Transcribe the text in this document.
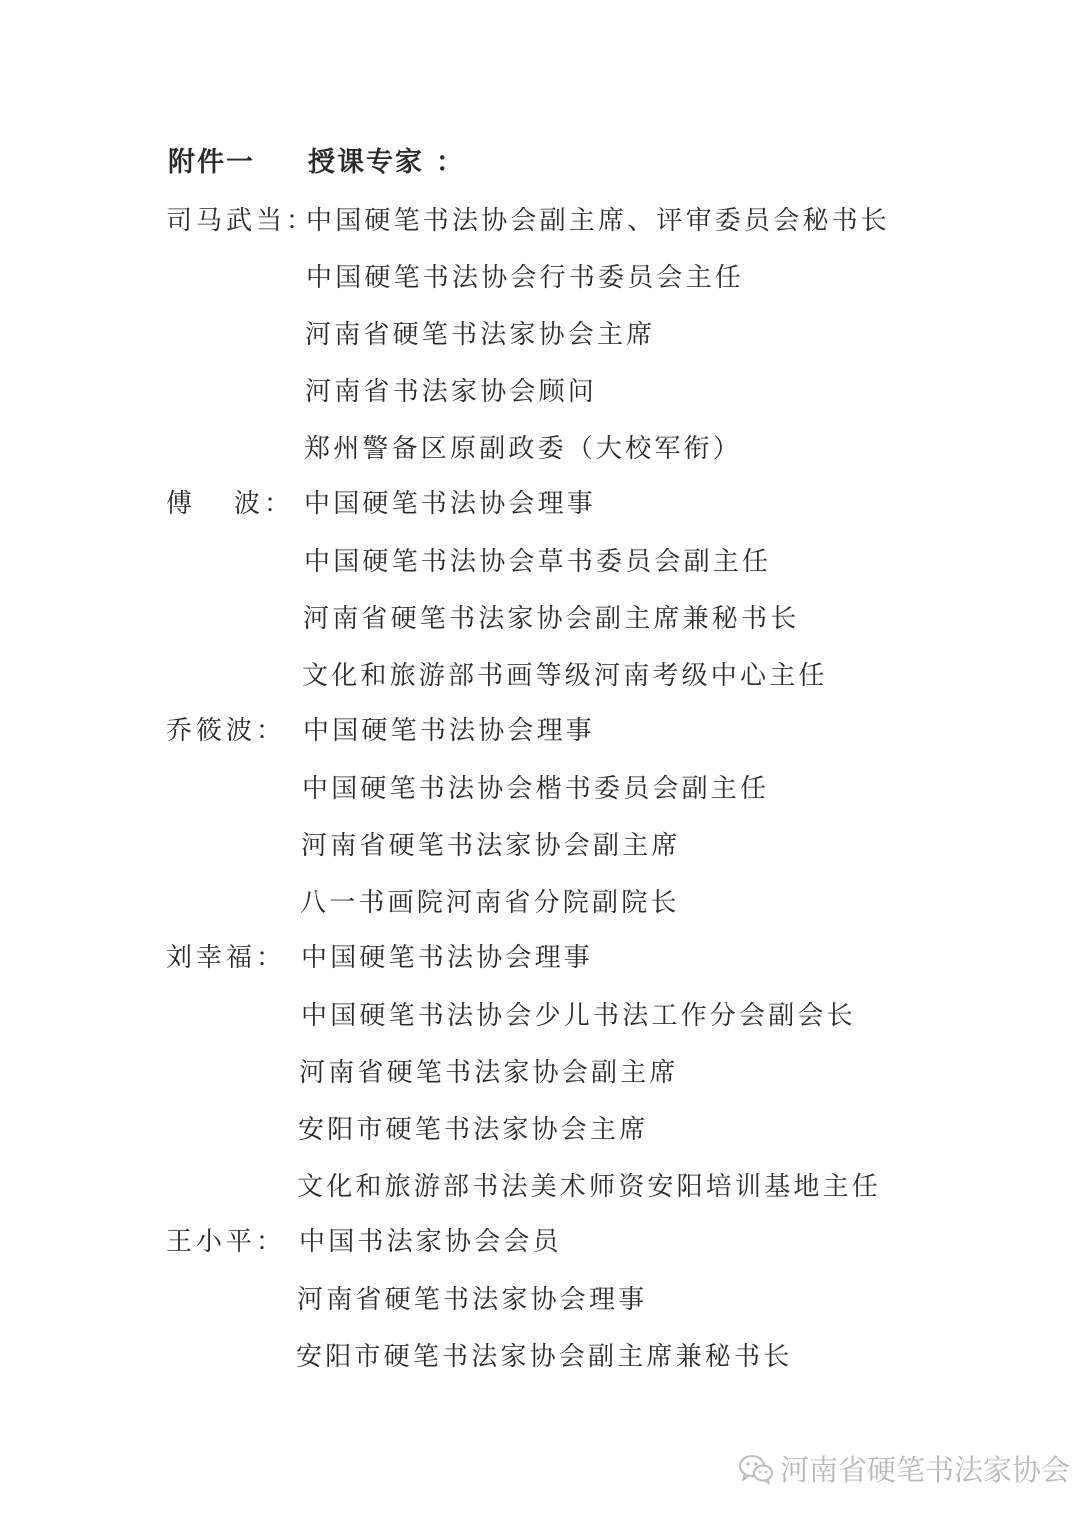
附件一 授课专家 ：
司马武当：
中国硬笔书法协会副主席、评审委员会秘书长
中国硬笔书法协会行书委员会主任
河南省硬笔书法家协会主席
河南省书法家协会顾问
郑州警备区原副政委（大校军衔）
傅 波： 中国硬笔书法协会理事
中国硬笔书法协会草书委员会副主任
河南省硬笔书法家协会副主席兼秘书长
文化和旅游部书画等级河南考级中心主任
乔筱波： 中国硬笔书法协会理事
中国硬笔书法协会楷书委员会副主任
河南省硬笔书法家协会副主席
八一书画院河南省分院副院长
刘幸福： 中国硬笔书法协会理事
中国硬笔书法协会少儿书法工作分会副会长
河南省硬笔书法家协会副主席
安阳市硬笔书法家协会主席
文化和旅游部书法美术师资安阳培训基地主任
王小平： 中国书法家协会会员
河南省硬笔书法家协会理事
安阳市硬笔书法家协会副主席兼秘书长
河南省硬笔书法家协会
